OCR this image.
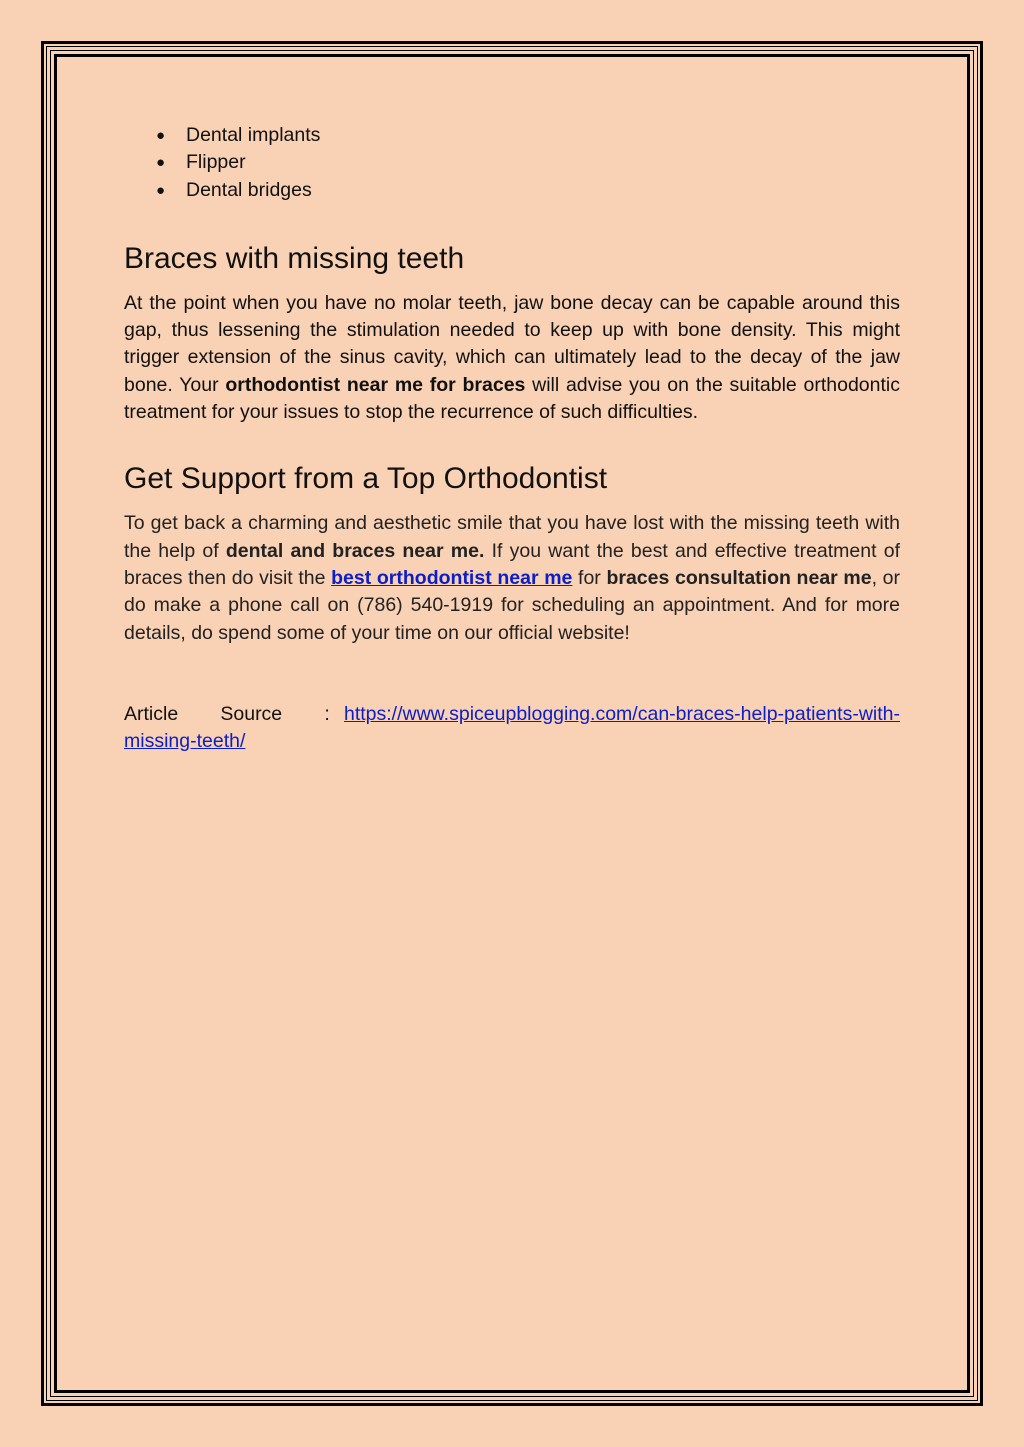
● Dental implants
● Flipper
● Dental bridges
Braces with missing teeth

At the point when you have no molar teeth, jaw bone decay can be capable around this gap, thus lessening the stimulation needed to keep up with bone density. This might trigger extension of the sinus cavity, which can ultimately lead to the decay of the jaw bone. Your orthodontist near me for braces will advise you on the suitable orthodontic treatment for your issues to stop the recurrence of such difficulties.

Get Support from a Top Orthodontist

To get back a charming and aesthetic smile that you have lost with the missing teeth with the help of dental and braces near me. If you want the best and effective treatment of braces then do visit the best orthodontist near me for braces consultation near me, or do make a phone call on (786) 540-1919 for scheduling an appointment. And for more details, do spend some of your time on our official website!

Article Source : https://www.spiceupblogging.com/can-braces-help-patients-with-missing-teeth/
